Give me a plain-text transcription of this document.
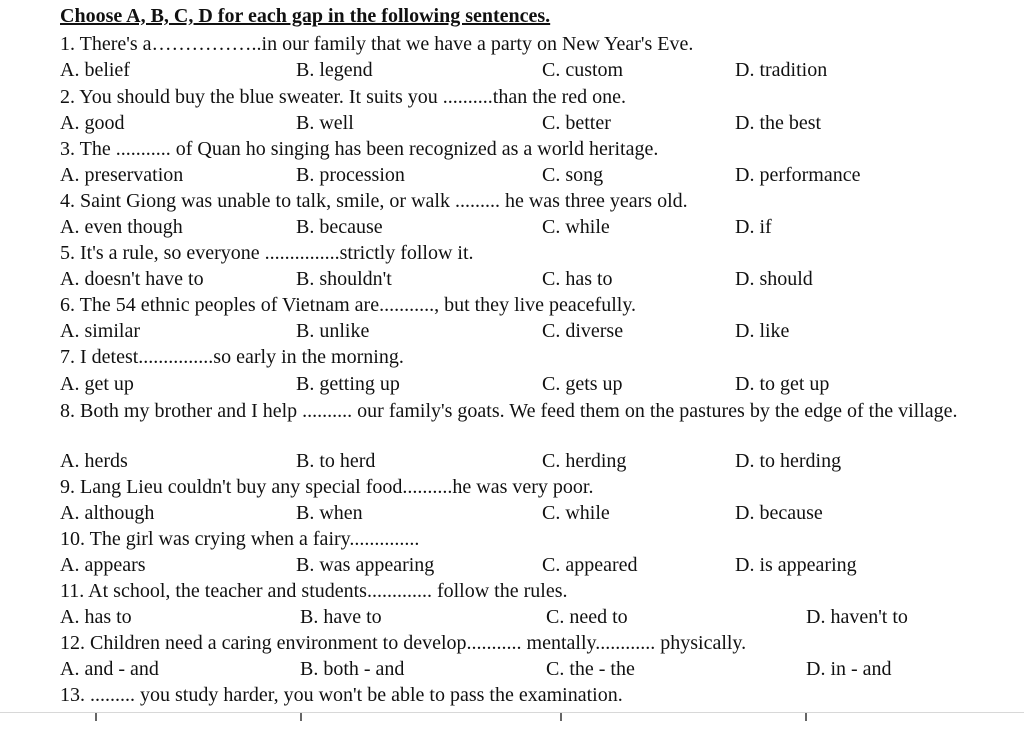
Choose A, B, C, D for each gap in the following sentences.
1. There's a……………..in our family that we have a party on New Year's Eve.
A. belief	B. legend	C. custom	D. tradition
2. You should buy the blue sweater. It suits you ..........than the red one.
A. good	B. well	C. better	D. the best
3. The ........... of Quan ho singing has been recognized as a world heritage.
A. preservation	B. procession	C. song	D. performance
4. Saint Giong was unable to talk, smile, or walk ......... he was three years old.
A. even though	B. because	C. while	D. if
5. It's a rule, so everyone ...............strictly follow it.
A. doesn't have to	B. shouldn't	C. has to	D. should
6. The 54 ethnic peoples of Vietnam are..........., but they live peacefully.
A. similar	B. unlike	C. diverse	D. like
7. I detest...............so early in the morning.
A. get up	B. getting up	C. gets up	D. to get up
8. Both my brother and I help .......... our family's goats. We feed them on the pastures by the edge of the village.
A. herds	B. to herd	C. herding	D. to herding
9. Lang Lieu couldn't buy any special food..........he was very poor.
A. although	B. when	C. while	D. because
10. The girl was crying when a fairy..............
A. appears	B. was appearing	C. appeared	D. is appearing
11. At school, the teacher and students............. follow the rules.
A. has to	B. have to	C. need to	D. haven't to
12. Children need a caring environment to develop........... mentally............ physically.
A. and - and	B. both - and	C. the - the	D. in - and
13. ......... you study harder, you won't be able to pass the examination.
